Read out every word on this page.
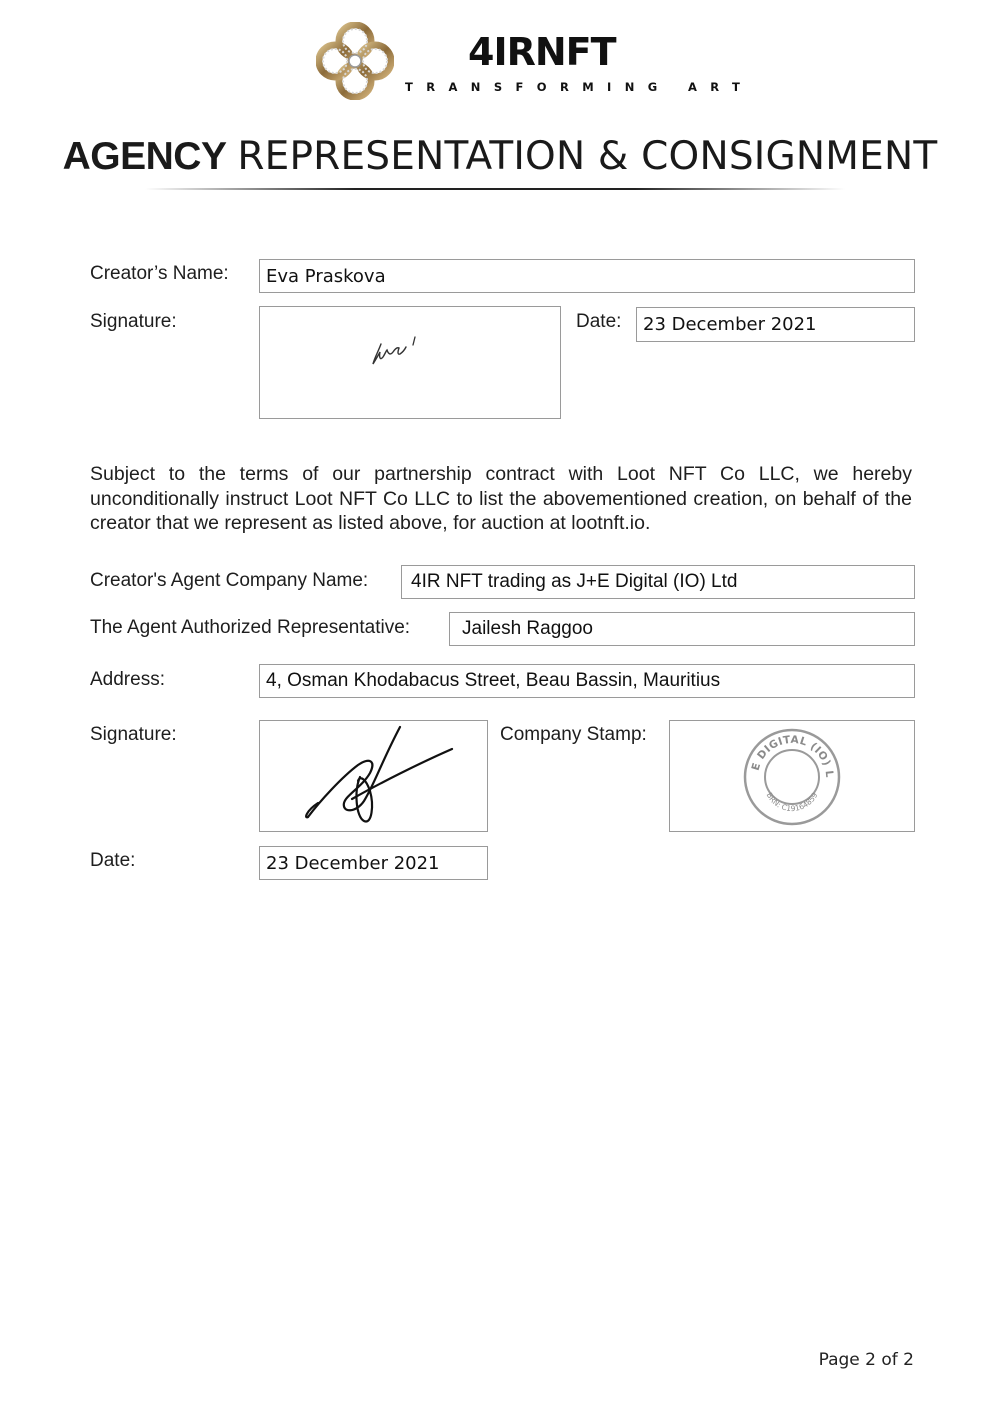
4IRNFT
TRANSFORMING ART
AGENCY REPRESENTATION & CONSIGNMENT
Creator’s Name:	Eva Praskova
Signature:	Date:	23 December 2021
Subject to the terms of our partnership contract with Loot NFT Co LLC, we hereby unconditionally instruct Loot NFT Co LLC to list the abovementioned creation, on behalf of the creator that we represent as listed above, for auction at lootnft.io.
Creator's Agent Company Name:	4IR NFT trading as J+E Digital (IO) Ltd
The Agent Authorized Representative:	Jailesh Raggoo
Address:	4, Osman Khodabacus Street, Beau Bassin, Mauritius
Signature:	Company Stamp:
E DIGITAL (IO) L
BRN: C19164859
Date:	23 December 2021
Page 2 of 2
